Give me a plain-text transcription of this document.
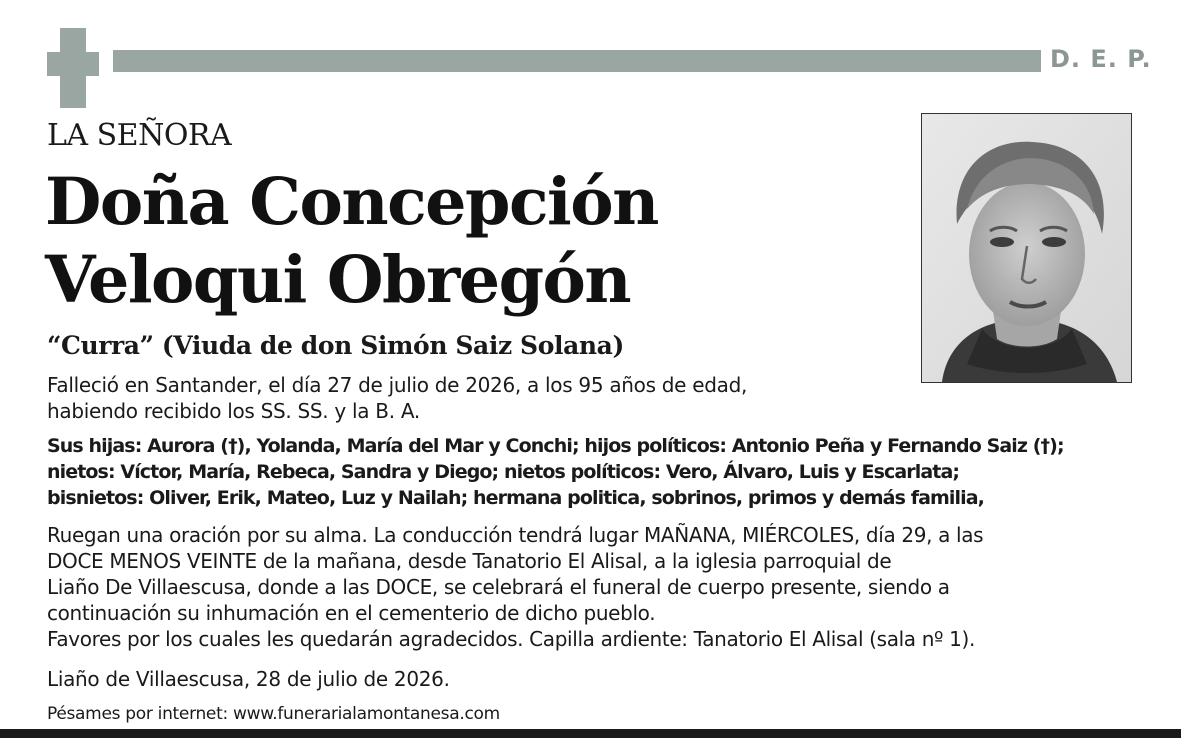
D. E. P.
LA SEÑORA
Doña Concepción
Veloqui Obregón
“Curra” (Viuda de don Simón Saiz Solana)
Falleció en Santander, el día 27 de julio de 2026, a los 95 años de edad,
habiendo recibido los SS. SS. y la B. A.
Sus hijas: Aurora (†), Yolanda, María del Mar y Conchi; hijos políticos: Antonio Peña y Fernando Saiz (†);
nietos: Víctor, María, Rebeca, Sandra y Diego; nietos políticos: Vero, Álvaro, Luis y Escarlata;
bisnietos: Oliver, Erik, Mateo, Luz y Nailah; hermana politica, sobrinos, primos y demás familia,
Ruegan una oración por su alma. La conducción tendrá lugar MAÑANA, MIÉRCOLES, día 29, a las
DOCE MENOS VEINTE de la mañana, desde Tanatorio El Alisal, a la iglesia parroquial de
Liaño De Villaescusa, donde a las DOCE, se celebrará el funeral de cuerpo presente, siendo a
continuación su inhumación en el cementerio de dicho pueblo.
Favores por los cuales les quedarán agradecidos. Capilla ardiente: Tanatorio El Alisal (sala nº 1).
Liaño de Villaescusa, 28 de julio de 2026.
Pésames por internet: www.funerarialamontanesa.com
